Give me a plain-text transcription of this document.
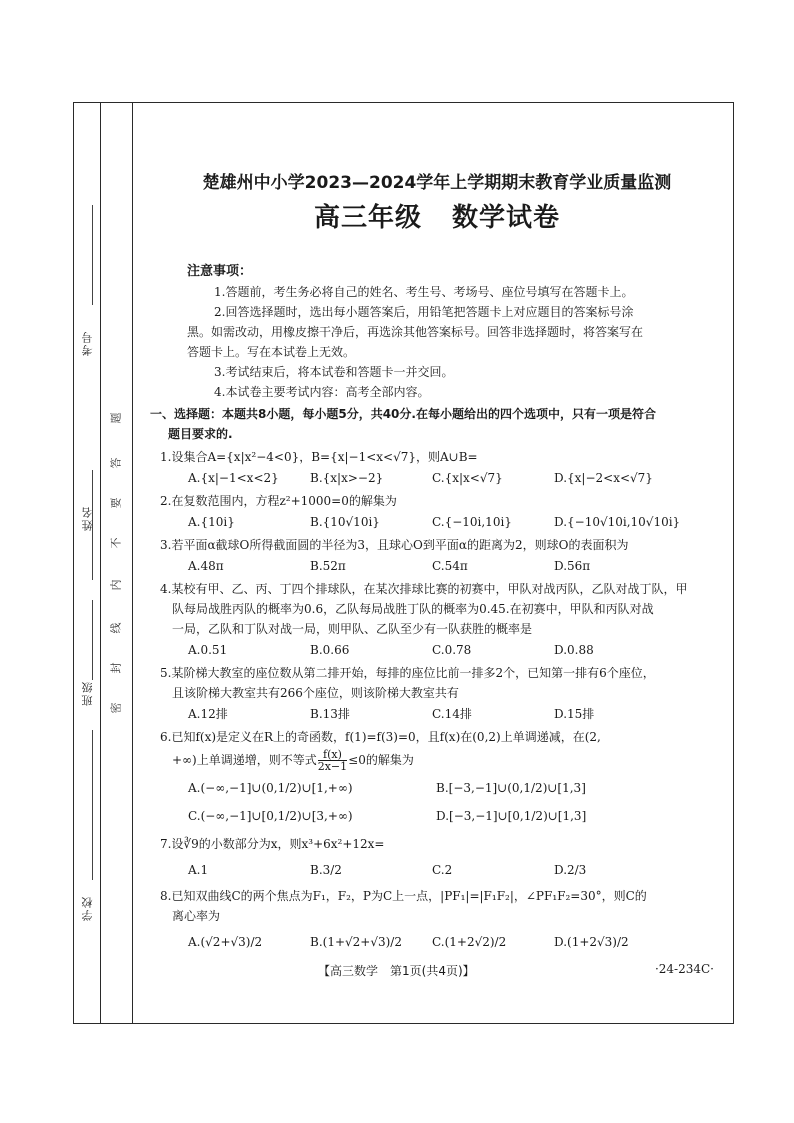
考号
姓名
班级
学校
题
答
要
不
内
线
封
密
楚雄州中小学2023—2024学年上学期期末教育学业质量监测
高三年级 数学试卷
注意事项：

1.答题前，考生务必将自己的姓名、考生号、考场号、座位号填写在答题卡上。

2.回答选择题时，选出每小题答案后，用铅笔把答题卡上对应题目的答案标号涂

黑。如需改动，用橡皮擦干净后，再选涂其他答案标号。回答非选择题时，将答案写在

答题卡上。写在本试卷上无效。

3.考试结束后，将本试卷和答题卡一并交回。

4.本试卷主要考试内容：高考全部内容。

一、选择题：本题共8小题，每小题5分，共40分.在每小题给出的四个选项中，只有一项是符合
题目要求的.
1.设集合A={x|x²−4<0}，B={x|−1<x<√7}，则A∪B=
A.{x|−1<x<2}	B.{x|x>−2}	C.{x|x<√7}	D.{x|−2<x<√7}
2.在复数范围内，方程z²+1000=0的解集为
A.{10i}	B.{10√10i}	C.{−10i,10i}	D.{−10√10i,10√10i}
3.若平面α截球O所得截面圆的半径为3，且球心O到平面α的距离为2，则球O的表面积为
A.48π	B.52π	C.54π	D.56π
4.某校有甲、乙、丙、丁四个排球队，在某次排球比赛的初赛中，甲队对战丙队，乙队对战丁队，甲
队每局战胜丙队的概率为0.6，乙队每局战胜丁队的概率为0.45.在初赛中，甲队和丙队对战
一局，乙队和丁队对战一局，则甲队、乙队至少有一队获胜的概率是
A.0.51	B.0.66	C.0.78	D.0.88
5.某阶梯大教室的座位数从第二排开始，每排的座位比前一排多2个，已知第一排有6个座位，
且该阶梯大教室共有266个座位，则该阶梯大教室共有
A.12排	B.13排	C.14排	D.15排
6.已知f(x)是定义在R上的奇函数，f(1)=f(3)=0，且f(x)在(0,2)上单调递减，在(2,
+∞)上单调递增，则不等式 $\frac{f(x)}{2x-1} \le 0$的解集为
A.(−∞,−1]∪(0,1/2)∪[1,+∞)	B.[−3,−1]∪(0,1/2)∪[1,3]
C.(−∞,−1]∪[0,1/2)∪[3,+∞)	D.[−3,−1]∪[0,1/2)∪[1,3]
7.设∛9的小数部分为x，则x³+6x²+12x=
A.1	B.3/2	C.2	D.2/3
8.已知双曲线C的两个焦点为F₁，F₂，P为C上一点，|PF₁|=|F₁F₂|，∠PF₁F₂=30°，则C的
离心率为
A.(√2+√3)/2	B.(1+√2+√3)/2	C.(1+2√2)/2	D.(1+2√3)/2
【高三数学　第1页(共4页)】	·24-234C·
